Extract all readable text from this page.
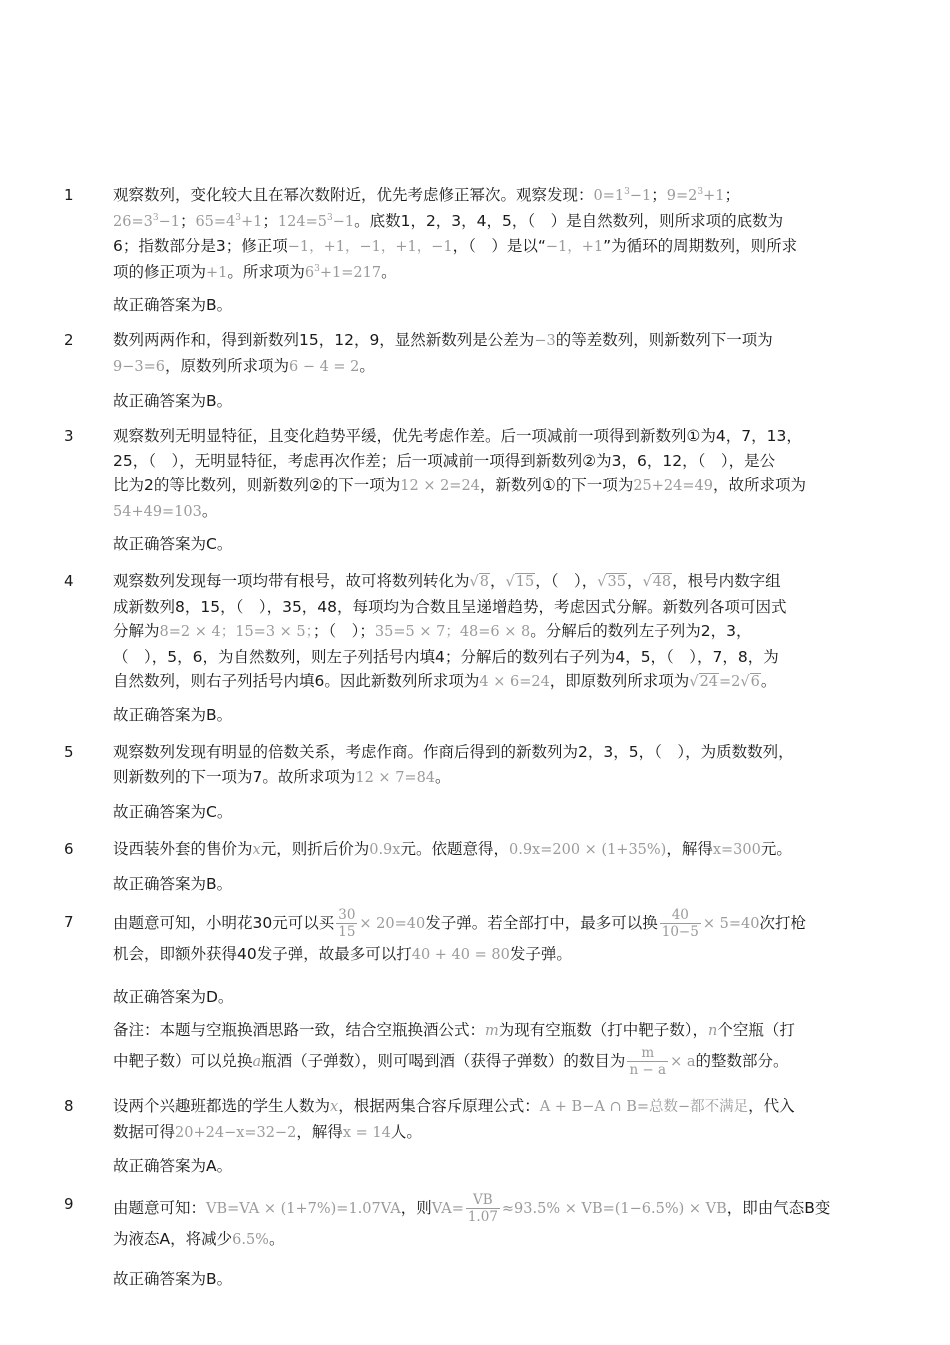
1	观察数列，变化较大且在幂次数附近，优先考虑修正幂次。观察发现：$0=1^3-1$；$9=2^3+1$；
$26=3^3-1$；$65=4^3+1$；$124=5^3-1$。底数1，2，3，4，5，（　）是自然数列，则所求项的底数为
6；指数部分是3；修正项−1，+1，−1，+1，−1，（　）是以“−1，+1”为循环的周期数列，则所求
项的修正项为+1。所求项为$6^3+1=217$。
故正确答案为B。
2	数列两两作和，得到新数列15，12，9，显然新数列是公差为−3的等差数列，则新数列下一项为
9−3=6，原数列所求项为6 − 4 = 2。
故正确答案为B。
3	观察数列无明显特征，且变化趋势平缓，优先考虑作差。后一项减前一项得到新数列①为4，7，13，
25，（　），无明显特征，考虑再次作差；后一项减前一项得到新数列②为3，6，12，（　），是公
比为2的等比数列，则新数列②的下一项为12 × 2=24，新数列①的下一项为25+24=49，故所求项为
54+49=103。
故正确答案为C。
4	观察数列发现每一项均带有根号，故可将数列转化为√8，√15，（　），√35，√48，根号内数字组
成新数列8，15，（　），35，48，每项均为合数且呈递增趋势，考虑因式分解。新数列各项可因式
分解为8=2 × 4；15=3 × 5；；（　）；35=5 × 7；48=6 × 8。分解后的数列左子列为2，3，
（　），5，6，为自然数列，则左子列括号内填4；分解后的数列右子列为4，5，（　），7，8，为
自然数列，则右子列括号内填6。因此新数列所求项为4 × 6=24，即原数列所求项为√24=2√6。
故正确答案为B。
5	观察数列发现有明显的倍数关系，考虑作商。作商后得到的新数列为2，3，5，（　），为质数数列，
则新数列的下一项为7。故所求项为12 × 7=84。
故正确答案为C。
6	设西装外套的售价为x元，则折后价为0.9x元。依题意得，0.9x=200 × (1+35%)，解得x=300元。
故正确答案为B。
7	由题意可知，小明花30元可以买 $\frac{30}{15} \times 20=40$发子弹。若全部打中，最多可以换 $\frac{40}{10-5} \times 5=40$次打枪
机会，即额外获得40发子弹，故最多可以打40 + 40 = 80发子弹。
故正确答案为D。
备注：本题与空瓶换酒思路一致，结合空瓶换酒公式：m为现有空瓶数（打中靶子数），n个空瓶（打
中靶子数）可以兑换a瓶酒（子弹数），则可喝到酒（获得子弹数）的数目为 $\frac{m}{n - a} \times a$的整数部分。
8	设两个兴趣班都选的学生人数为x，根据两集合容斥原理公式：A + B−A ∩ B=总数−都不满足，代入
数据可得20+24−x=32−2，解得x = 14人。
故正确答案为A。
9	由题意可知：VB=VA × (1+7%)=1.07VA，则$VA= \frac{VB}{1.07} \approx 93.5\% \times VB=(1-6.5\%)$ × VB，即由气态B变
为液态A，将减少6.5%。
故正确答案为B。
